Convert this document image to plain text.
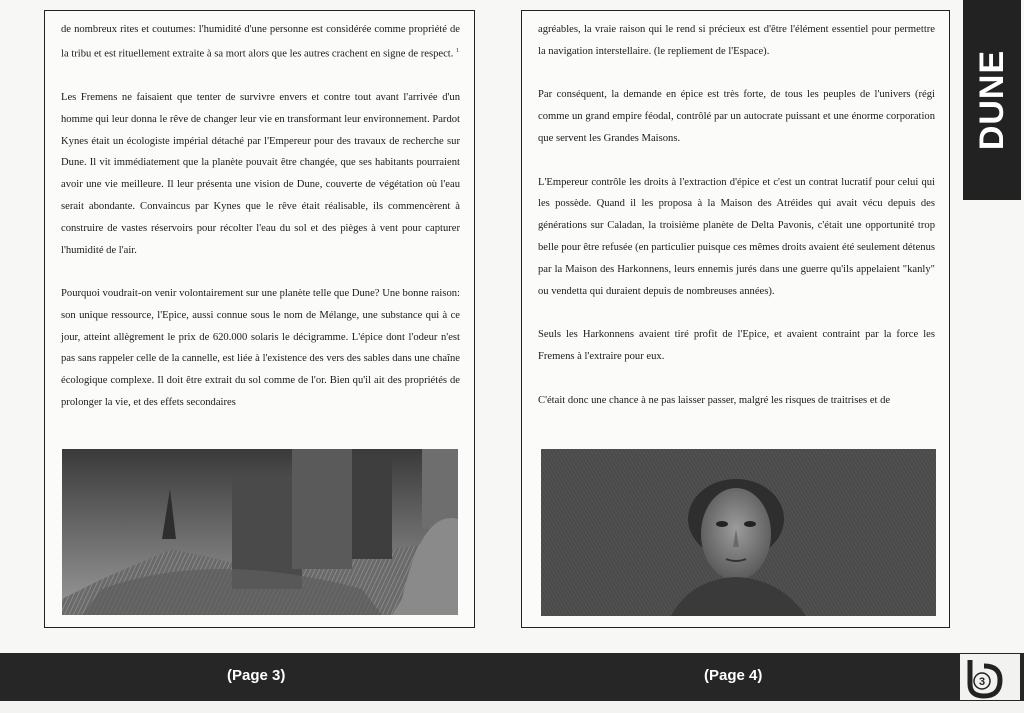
de nombreux rites et coutumes: l'humidité d'une personne est considérée comme propriété de la tribu et est rituellement extraite à sa mort alors que les autres crachent en signe de respect. $^1$

Les Fremens ne faisaient que tenter de survivre envers et contre tout avant l'arrivée d'un homme qui leur donna le rêve de changer leur vie en transformant leur environnement. Pardot Kynes était un écologiste impérial détaché par l'Empereur pour des travaux de recherche sur Dune. Il vit immédiatement que la planète pouvait être changée, que ses habitants pourraient avoir une vie meilleure. Il leur présenta une vision de Dune, couverte de végétation où l'eau serait abondante. Convaincus par Kynes que le rêve était réalisable, ils commencèrent à construire de vastes réservoirs pour récolter l'eau du sol et des pièges à vent pour capturer l'humidité de l'air.

Pourquoi voudrait-on venir volontairement sur une planète telle que Dune? Une bonne raison: son unique ressource, l'Epice, aussi connue sous le nom de Mélange, une substance qui à ce jour, atteint allègrement le prix de 620.000 solaris le décigramme. L'épice dont l'odeur n'est pas sans rappeler celle de la cannelle, est liée à l'existence des vers des sables dans une chaîne écologique complexe. Il doit être extrait du sol comme de l'or. Bien qu'il ait des propriétés de prolonger la vie, et des effets secondaires

agréables, la vraie raison qui le rend si précieux est d'être l'élément essentiel pour permettre la navigation interstellaire. (le repliement de l'Espace).

Par conséquent, la demande en épice est très forte, de tous les peuples de l'univers (régi comme un grand empire féodal, contrôlé par un autocrate puissant et une énorme corporation que servent les Grandes Maisons.

L'Empereur contrôle les droits à l'extraction d'épice et c'est un contrat lucratif pour celui qui les possède. Quand il les proposa à la Maison des Atréides qui avait vécu depuis des générations sur Caladan, la troisième planète de Delta Pavonis, c'était une opportunité trop belle pour être refusée (en particulier puisque ces mêmes droits avaient été seulement détenus par la Maison des Harkonnens, leurs ennemis jurés dans une guerre qu'ils appelaient "kanly" ou vendetta qui duraient depuis de nombreuses années).

Seuls les Harkonnens avaient tiré profit de l'Epice, et avaient contraint par la force les Fremens à l'extraire pour eux.

C'était donc une chance à ne pas laisser passer, malgré les risques de traitrises et de

DUNE
(Page 3)	(Page 4)	3
